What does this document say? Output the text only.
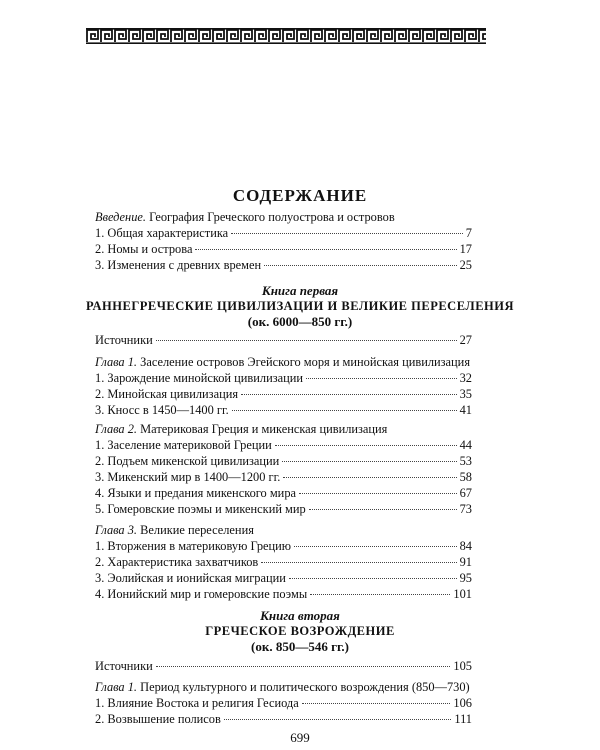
СОДЕРЖАНИЕ
Введение. География Греческого полуострова и островов
1. Общая характеристика	7
2. Номы и острова	17
3. Изменения с древних времен	25
Книга первая
РАННЕГРЕЧЕСКИЕ ЦИВИЛИЗАЦИИ И ВЕЛИКИЕ ПЕРЕСЕЛЕНИЯ
(ок. 6000—850 гг.)
Источники	27
Глава 1. Заселение островов Эгейского моря и минойская цивилизация
1. Зарождение минойской цивилизации	32
2. Минойская цивилизация	35
3. Кносс в 1450—1400 гг.	41
Глава 2. Материковая Греция и микенская цивилизация
1. Заселение материковой Греции	44
2. Подъем микенской цивилизации	53
3. Микенский мир в 1400—1200 гг.	58
4. Языки и предания микенского мира	67
5. Гомеровские поэмы и микенский мир	73
Глава 3. Великие переселения
1. Вторжения в материковую Грецию	84
2. Характеристика захватчиков	91
3. Эолийская и ионийская миграции	95
4. Ионийский мир и гомеровские поэмы	101
Книга вторая
ГРЕЧЕСКОЕ ВОЗРОЖДЕНИЕ
(ок. 850—546 гг.)
Источники	105
Глава 1. Период культурного и политического возрождения (850—730)
1. Влияние Востока и религия Гесиода	106
2. Возвышение полисов	111
699
